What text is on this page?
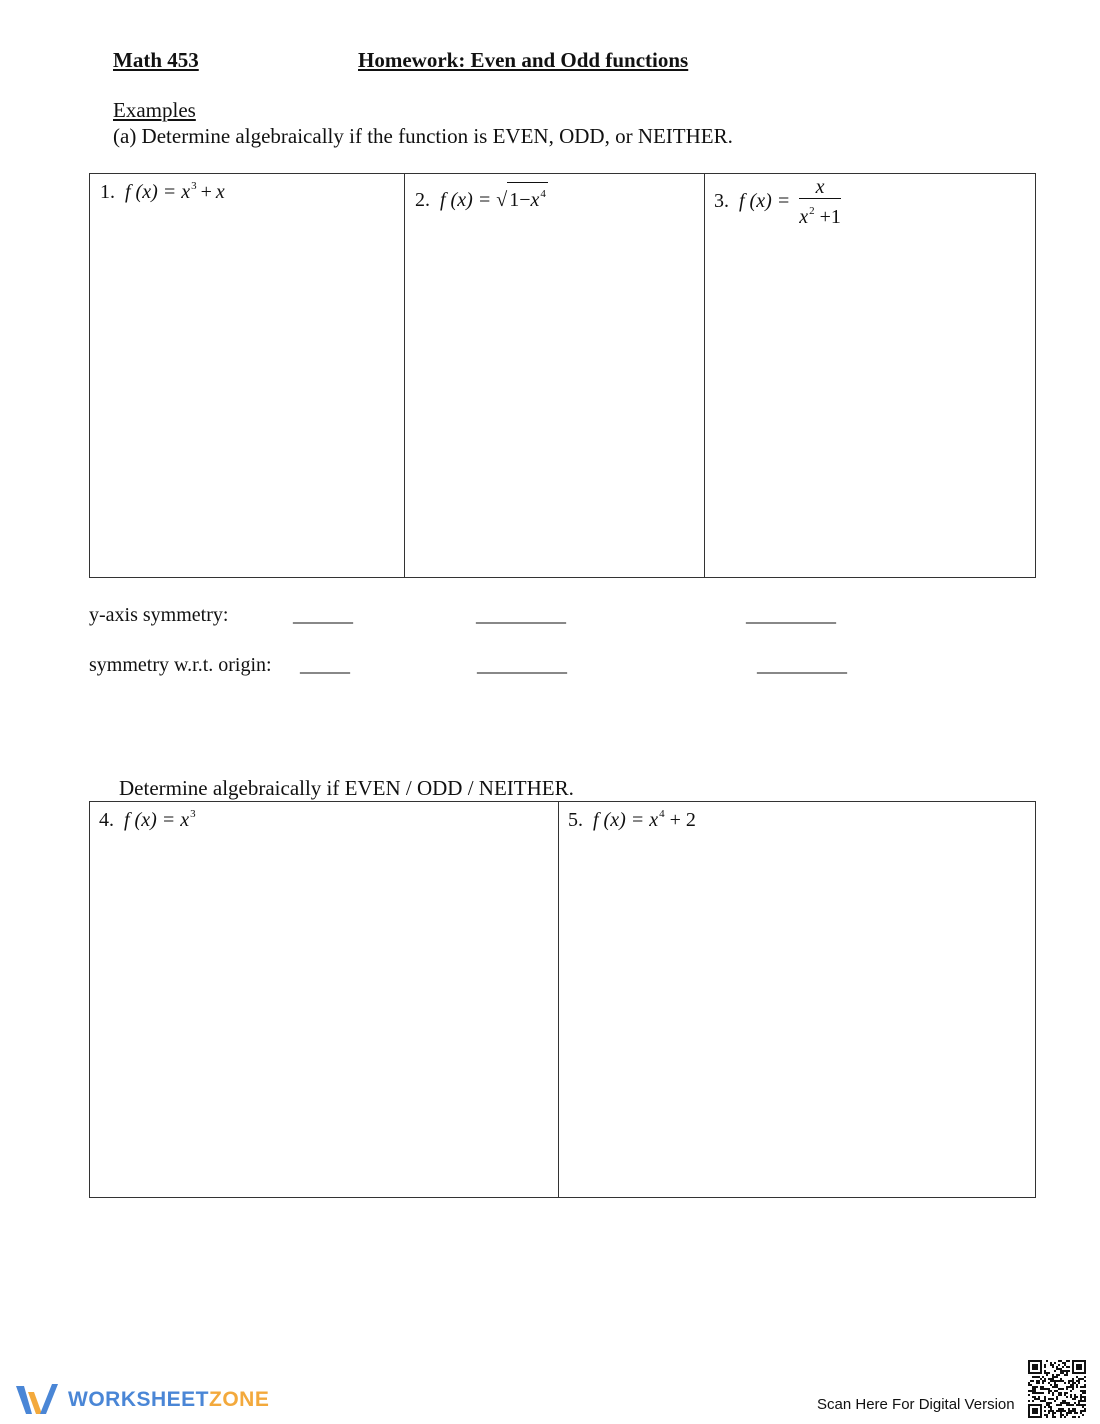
Math 453	Homework: Even and Odd functions
Examples
(a) Determine algebraically if the function is EVEN, ODD, or NEITHER.
1. f $(x) = x^3 + x$	2. f (x) = √ $1-x^4$	3. f $(x) = \frac{x}{x^2 +1}$
y-axis symmetry:	______	_________	_________
symmetry w.r.t. origin: _____	_________	_________
Determine algebraically if EVEN / ODD / NEITHER.
4. f $(x) = x^3$	5. f $(x) = x^4 + 2$
WORKSHEETZONE	Scan Here For Digital Version
